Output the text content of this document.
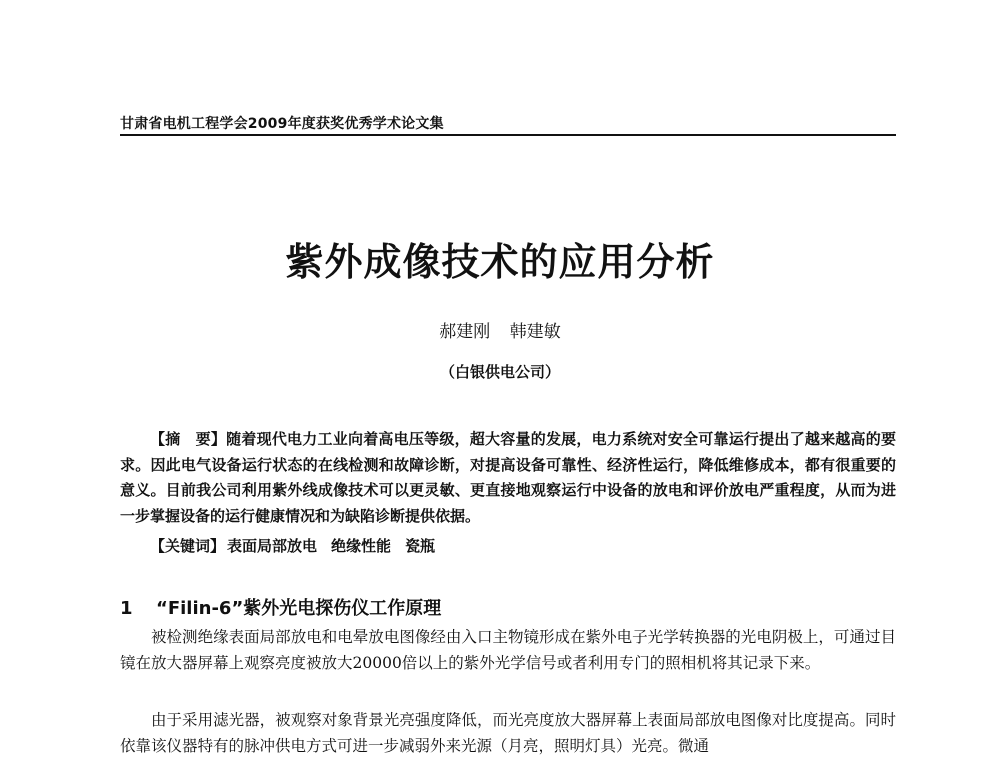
甘肃省电机工程学会2009年度获奖优秀学术论文集
紫外成像技术的应用分析
郝建刚 韩建敏
（白银供电公司）

【摘　要】随着现代电力工业向着高电压等级，超大容量的发展，电力系统对安全可靠运行提出了越来越高的要求。因此电气设备运行状态的在线检测和故障诊断，对提高设备可靠性、经济性运行，降低维修成本，都有很重要的意义。目前我公司利用紫外线成像技术可以更灵敏、更直接地观察运行中设备的放电和评价放电严重程度，从而为进一步掌握设备的运行健康情况和为缺陷诊断提供依据。

【关键词】 表面局部放电 绝缘性能 瓷瓶

1 “Filin-6”紫外光电探伤仪工作原理

被检测绝缘表面局部放电和电晕放电图像经由入口主物镜形成在紫外电子光学转换器的光电阴极上，可通过目镜在放大器屏幕上观察亮度被放大20000倍以上的紫外光学信号或者利用专门的照相机将其记录下来。

由于采用滤光器，被观察对象背景光亮强度降低，而光亮度放大器屏幕上表面局部放电图像对比度提高。同时依靠该仪器特有的脉冲供电方式可进一步减弱外来光源（月亮，照明灯具）光亮。微通
